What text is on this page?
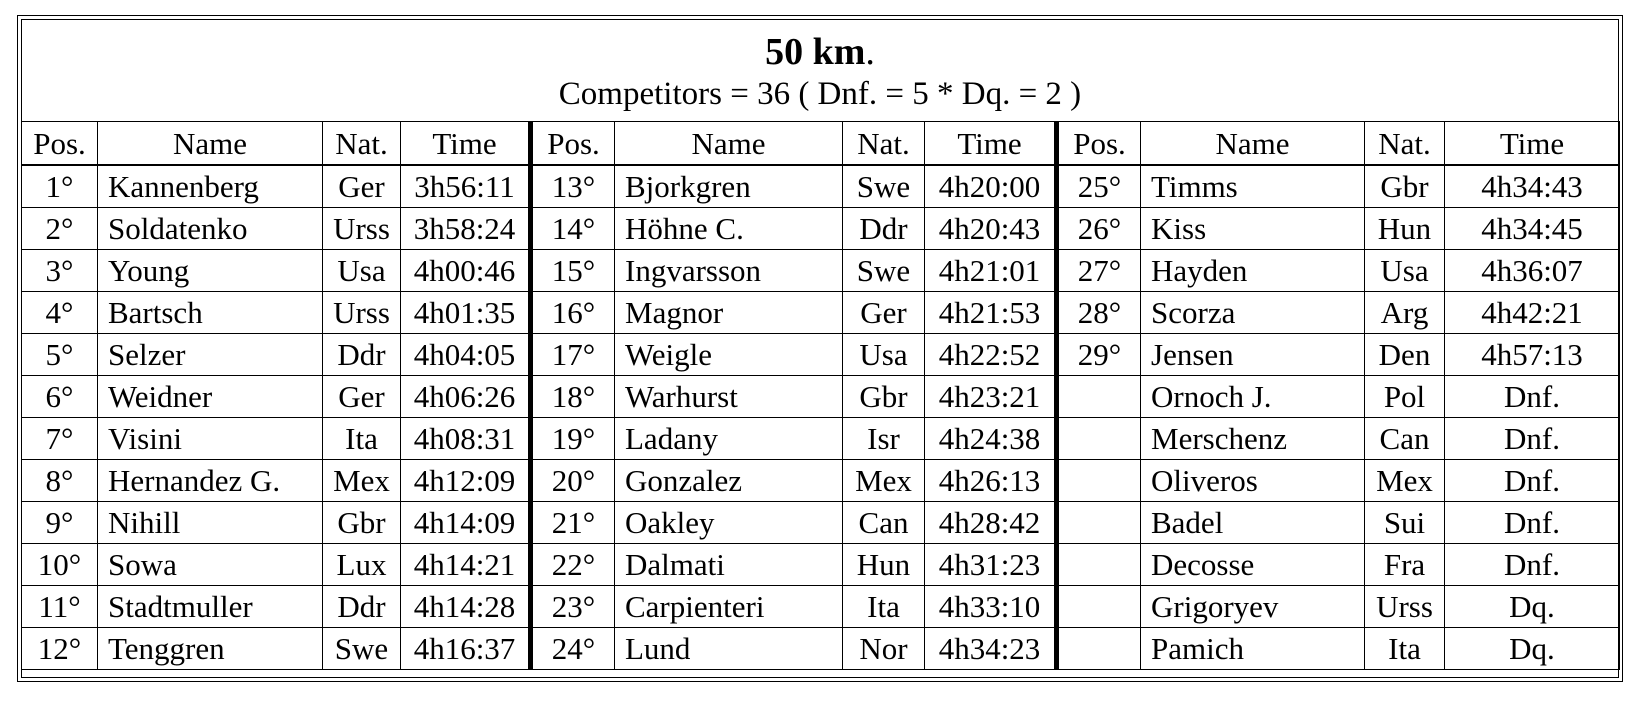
50 km.
Competitors = 36 ( Dnf. = 5 * Dq. = 2 )
Pos.	Name	Nat.	Time	Pos.	Name	Nat.	Time	Pos.	Name	Nat.	Time
1°	Kannenberg	Ger	3h56:11	13°	Bjorkgren	Swe	4h20:00	25°	Timms	Gbr	4h34:43
2°	Soldatenko	Urss	3h58:24	14°	Höhne C.	Ddr	4h20:43	26°	Kiss	Hun	4h34:45
3°	Young	Usa	4h00:46	15°	Ingvarsson	Swe	4h21:01	27°	Hayden	Usa	4h36:07
4°	Bartsch	Urss	4h01:35	16°	Magnor	Ger	4h21:53	28°	Scorza	Arg	4h42:21
5°	Selzer	Ddr	4h04:05	17°	Weigle	Usa	4h22:52	29°	Jensen	Den	4h57:13
6°	Weidner	Ger	4h06:26	18°	Warhurst	Gbr	4h23:21		Ornoch J.	Pol	Dnf.
7°	Visini	Ita	4h08:31	19°	Ladany	Isr	4h24:38		Merschenz	Can	Dnf.
8°	Hernandez G.	Mex	4h12:09	20°	Gonzalez	Mex	4h26:13		Oliveros	Mex	Dnf.
9°	Nihill	Gbr	4h14:09	21°	Oakley	Can	4h28:42		Badel	Sui	Dnf.
10°	Sowa	Lux	4h14:21	22°	Dalmati	Hun	4h31:23		Decosse	Fra	Dnf.
11°	Stadtmuller	Ddr	4h14:28	23°	Carpienteri	Ita	4h33:10		Grigoryev	Urss	Dq.
12°	Tenggren	Swe	4h16:37	24°	Lund	Nor	4h34:23		Pamich	Ita	Dq.
